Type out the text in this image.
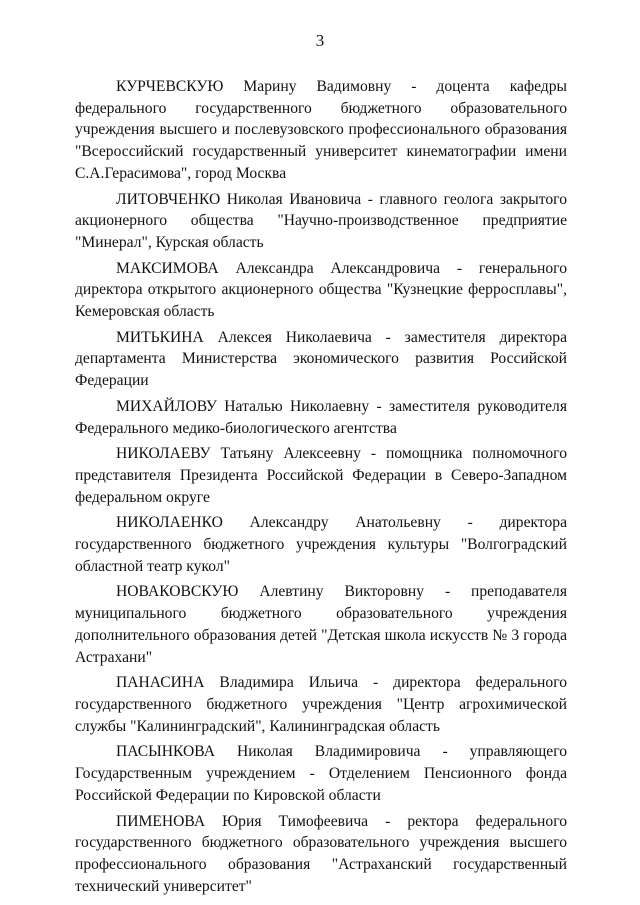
3

КУРЧЕВСКУЮ Марину Вадимовну - доцента кафедры федерального государственного бюджетного образовательного учреждения высшего и послевузовского профессионального образования "Всероссийский государственный университет кинематографии имени С.А.Герасимова", город Москва

ЛИТОВЧЕНКО Николая Ивановича - главного геолога закрытого акционерного общества "Научно-производственное предприятие "Минерал", Курская область

МАКСИМОВА Александра Александровича - генерального директора открытого акционерного общества "Кузнецкие ферросплавы", Кемеровская область

МИТЬКИНА Алексея Николаевича - заместителя директора департамента Министерства экономического развития Российской Федерации

МИХАЙЛОВУ Наталью Николаевну - заместителя руководителя Федерального медико-биологического агентства

НИКОЛАЕВУ Татьяну Алексеевну - помощника полномочного представителя Президента Российской Федерации в Северо-Западном федеральном округе

НИКОЛАЕНКО Александру Анатольевну - директора государственного бюджетного учреждения культуры "Волгоградский областной театр кукол"

НОВАКОВСКУЮ Алевтину Викторовну - преподавателя муниципального бюджетного образовательного учреждения дополнительного образования детей "Детская школа искусств № 3 города Астрахани"

ПАНАСИНА Владимира Ильича - директора федерального государственного бюджетного учреждения "Центр агрохимической службы "Калининградский", Калининградская область

ПАСЫНКОВА Николая Владимировича - управляющего Государственным учреждением - Отделением Пенсионного фонда Российской Федерации по Кировской области

ПИМЕНОВА Юрия Тимофеевича - ректора федерального государственного бюджетного образовательного учреждения высшего профессионального образования "Астраханский государственный технический университет"
